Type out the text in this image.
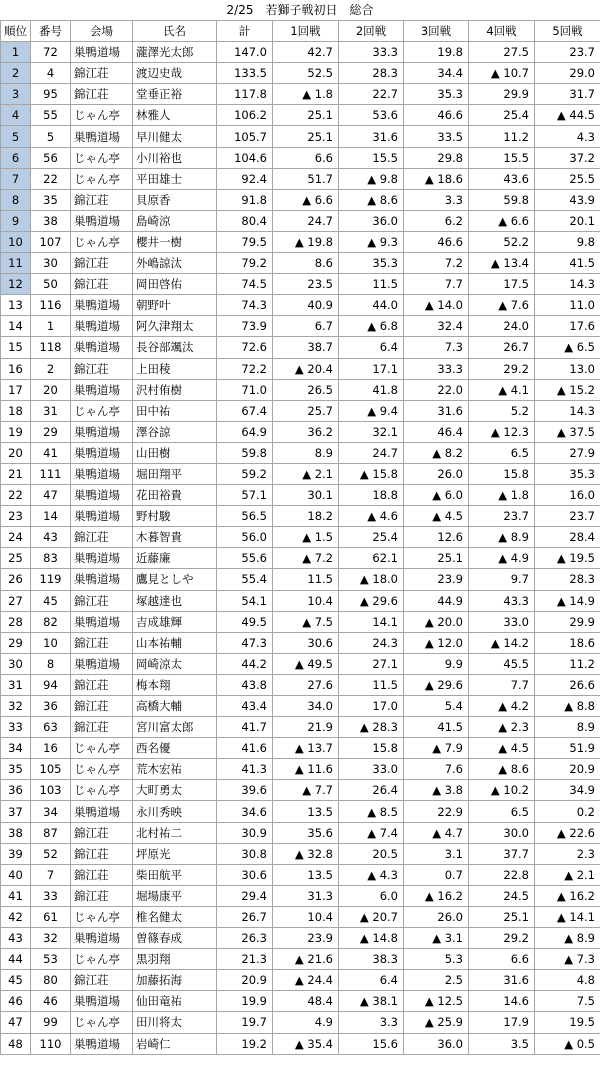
2/25　若獅子戦初日　総合
順位	番号	会場	氏名	計	1回戦	2回戦	3回戦	4回戦	5回戦
1	72	巣鴨道場	瀧澤光太郎	147.0	42.7	33.3	19.8	27.5	23.7
2	4	錦江荘	渡辺史哉	133.5	52.5	28.3	34.4	▲ 10.7	29.0
3	95	錦江荘	堂垂正裕	117.8	▲ 1.8	22.7	35.3	29.9	31.7
4	55	じゃん亭	林雅人	106.2	25.1	53.6	46.6	25.4	▲ 44.5
5	5	巣鴨道場	早川健太	105.7	25.1	31.6	33.5	11.2	4.3
6	56	じゃん亭	小川裕也	104.6	6.6	15.5	29.8	15.5	37.2
7	22	じゃん亭	平田雄士	92.4	51.7	▲ 9.8	▲ 18.6	43.6	25.5
8	35	錦江荘	貝原香	91.8	▲ 6.6	▲ 8.6	3.3	59.8	43.9
9	38	巣鴨道場	島崎涼	80.4	24.7	36.0	6.2	▲ 6.6	20.1
10	107	じゃん亭	櫻井一樹	79.5	▲ 19.8	▲ 9.3	46.6	52.2	9.8
11	30	錦江荘	外嶋諒汰	79.2	8.6	35.3	7.2	▲ 13.4	41.5
12	50	錦江荘	岡田啓佑	74.5	23.5	11.5	7.7	17.5	14.3
13	116	巣鴨道場	朝野叶	74.3	40.9	44.0	▲ 14.0	▲ 7.6	11.0
14	1	巣鴨道場	阿久津翔太	73.9	6.7	▲ 6.8	32.4	24.0	17.6
15	118	巣鴨道場	長谷部颯汰	72.6	38.7	6.4	7.3	26.7	▲ 6.5
16	2	錦江荘	上田稜	72.2	▲ 20.4	17.1	33.3	29.2	13.0
17	20	巣鴨道場	沢村侑樹	71.0	26.5	41.8	22.0	▲ 4.1	▲ 15.2
18	31	じゃん亭	田中祐	67.4	25.7	▲ 9.4	31.6	5.2	14.3
19	29	巣鴨道場	澤谷諒	64.9	36.2	32.1	46.4	▲ 12.3	▲ 37.5
20	41	巣鴨道場	山田樹	59.8	8.9	24.7	▲ 8.2	6.5	27.9
21	111	巣鴨道場	堀田翔平	59.2	▲ 2.1	▲ 15.8	26.0	15.8	35.3
22	47	巣鴨道場	花田裕貴	57.1	30.1	18.8	▲ 6.0	▲ 1.8	16.0
23	14	巣鴨道場	野村駿	56.5	18.2	▲ 4.6	▲ 4.5	23.7	23.7
24	43	錦江荘	木暮智貴	56.0	▲ 1.5	25.4	12.6	▲ 8.9	28.4
25	83	巣鴨道場	近藤廉	55.6	▲ 7.2	62.1	25.1	▲ 4.9	▲ 19.5
26	119	巣鴨道場	鷹見としや	55.4	11.5	▲ 18.0	23.9	9.7	28.3
27	45	錦江荘	塚越達也	54.1	10.4	▲ 29.6	44.9	43.3	▲ 14.9
28	82	巣鴨道場	吉成雄輝	49.5	▲ 7.5	14.1	▲ 20.0	33.0	29.9
29	10	錦江荘	山本祐輔	47.3	30.6	24.3	▲ 12.0	▲ 14.2	18.6
30	8	巣鴨道場	岡崎涼太	44.2	▲ 49.5	27.1	9.9	45.5	11.2
31	94	錦江荘	梅本翔	43.8	27.6	11.5	▲ 29.6	7.7	26.6
32	36	錦江荘	高橋大輔	43.4	34.0	17.0	5.4	▲ 4.2	▲ 8.8
33	63	錦江荘	宮川富太郎	41.7	21.9	▲ 28.3	41.5	▲ 2.3	8.9
34	16	じゃん亭	西名優	41.6	▲ 13.7	15.8	▲ 7.9	▲ 4.5	51.9
35	105	じゃん亭	荒木宏祐	41.3	▲ 11.6	33.0	7.6	▲ 8.6	20.9
36	103	じゃん亭	大町勇太	39.6	▲ 7.7	26.4	▲ 3.8	▲ 10.2	34.9
37	34	巣鴨道場	永川秀映	34.6	13.5	▲ 8.5	22.9	6.5	0.2
38	87	錦江荘	北村祐二	30.9	35.6	▲ 7.4	▲ 4.7	30.0	▲ 22.6
39	52	錦江荘	坪原光	30.8	▲ 32.8	20.5	3.1	37.7	2.3
40	7	錦江荘	柴田航平	30.6	13.5	▲ 4.3	0.7	22.8	▲ 2.1
41	33	錦江荘	堀場康平	29.4	31.3	6.0	▲ 16.2	24.5	▲ 16.2
42	61	じゃん亭	椎名健太	26.7	10.4	▲ 20.7	26.0	25.1	▲ 14.1
43	32	巣鴨道場	曽篠春成	26.3	23.9	▲ 14.8	▲ 3.1	29.2	▲ 8.9
44	53	じゃん亭	黒羽翔	21.3	▲ 21.6	38.3	5.3	6.6	▲ 7.3
45	80	錦江荘	加藤拓海	20.9	▲ 24.4	6.4	2.5	31.6	4.8
46	46	巣鴨道場	仙田竜祐	19.9	48.4	▲ 38.1	▲ 12.5	14.6	7.5
47	99	じゃん亭	田川将太	19.7	4.9	3.3	▲ 25.9	17.9	19.5
48	110	巣鴨道場	岩崎仁	19.2	▲ 35.4	15.6	36.0	3.5	▲ 0.5
